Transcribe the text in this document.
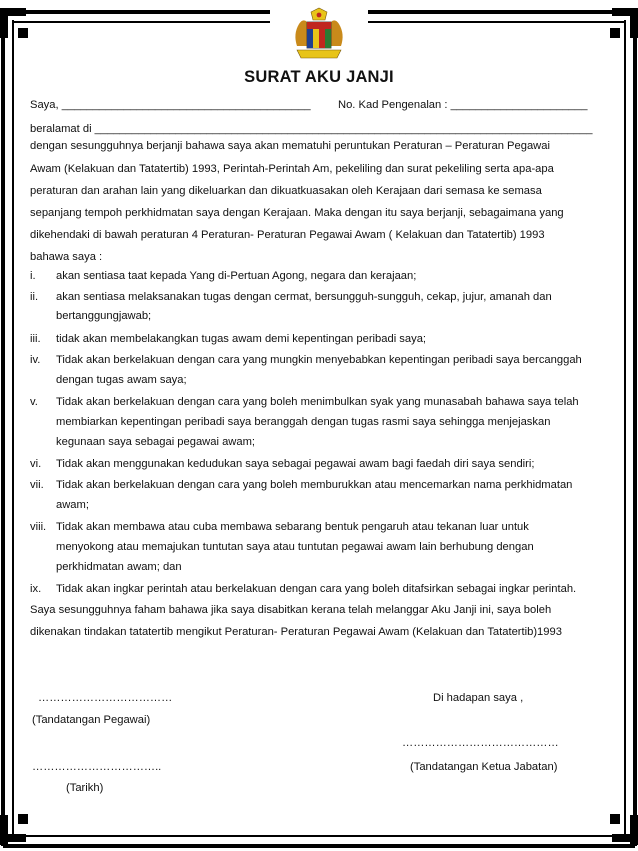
SURAT AKU JANJI
Saya, ________________________________________ No. Kad Pengenalan : ______________________
beralamat di ________________________________________________________________________________
dengan sesungguhnya berjanji bahawa saya akan mematuhi peruntukan Peraturan – Peraturan Pegawai
Awam (Kelakuan dan Tatatertib) 1993, Perintah-Perintah Am, pekeliling dan surat pekeliling serta apa-apa
peraturan dan arahan lain yang dikeluarkan dan dikuatkuasakan oleh Kerajaan dari semasa ke semasa
sepanjang tempoh perkhidmatan saya dengan Kerajaan. Maka dengan itu saya berjanji, sebagaimana yang
dikehendaki di bawah peraturan 4 Peraturan- Peraturan Pegawai Awam ( Kelakuan dan Tatatertib) 1993
bahawa saya :
i. akan sentiasa taat kepada Yang di-Pertuan Agong, negara dan kerajaan;
ii. akan sentiasa melaksanakan tugas dengan cermat, bersungguh-sungguh, cekap, jujur, amanah dan
bertanggungjawab;
iii. tidak akan membelakangkan tugas awam demi kepentingan peribadi saya;
iv. Tidak akan berkelakuan dengan cara yang mungkin menyebabkan kepentingan peribadi saya bercanggah
dengan tugas awam saya;
v. Tidak akan berkelakuan dengan cara yang boleh menimbulkan syak yang munasabah bahawa saya telah
membiarkan kepentingan peribadi saya beranggah dengan tugas rasmi saya sehingga menjejaskan
kegunaan saya sebagai pegawai awam;
vi. Tidak akan menggunakan kedudukan saya sebagai pegawai awam bagi faedah diri saya sendiri;
vii. Tidak akan berkelakuan dengan cara yang boleh memburukkan atau mencemarkan nama perkhidmatan
awam;
viii. Tidak akan membawa atau cuba membawa sebarang bentuk pengaruh atau tekanan luar untuk
menyokong atau memajukan tuntutan saya atau tuntutan pegawai awam lain berhubung dengan
perkhidmatan awam; dan
ix. Tidak akan ingkar perintah atau berkelakuan dengan cara yang boleh ditafsirkan sebagai ingkar perintah.
Saya sesungguhnya faham bahawa jika saya disabitkan kerana telah melanggar Aku Janji ini, saya boleh
dikenakan tindakan tatatertib mengikut Peraturan- Peraturan Pegawai Awam (Kelakuan dan Tatatertib)1993
………………………………	Di hadapan saya ,
(Tandatangan Pegawai)
……………………………………
……………………………..	(Tandatangan Ketua Jabatan)
(Tarikh)
